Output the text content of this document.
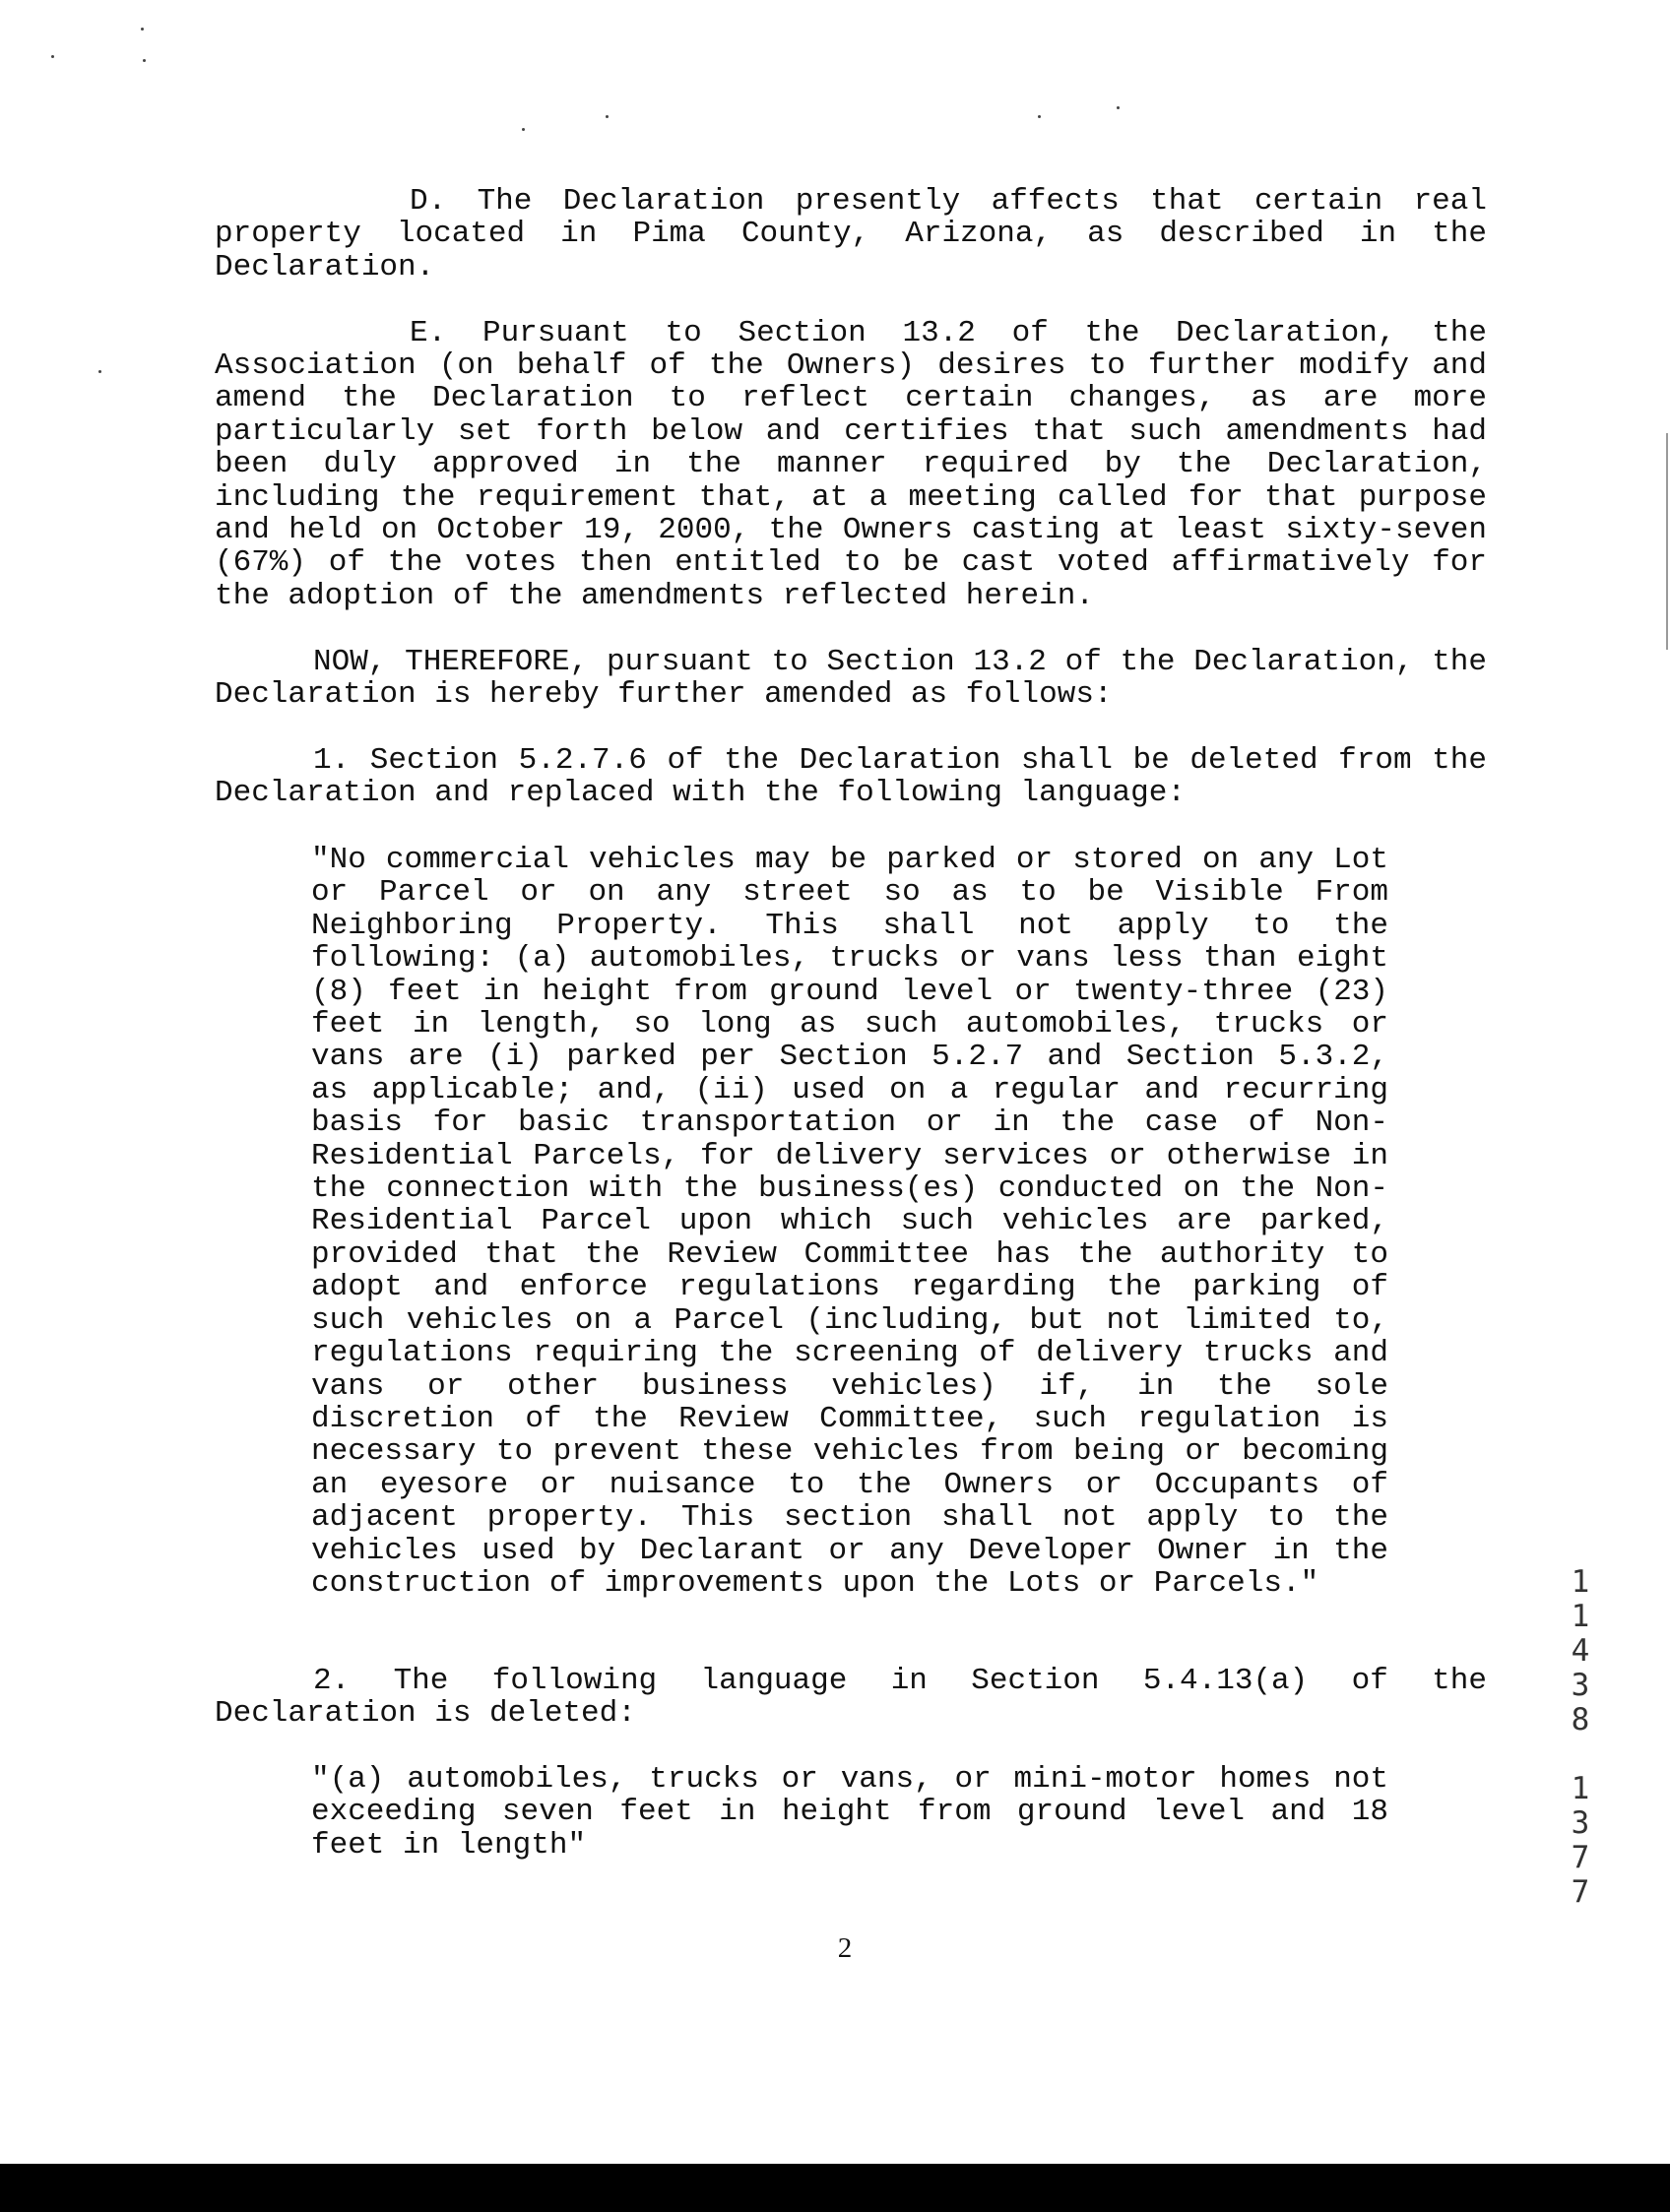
D. The Declaration presently affects that certain real property located in Pima County, Arizona, as described in the Declaration.

E. Pursuant to Section 13.2 of the Declaration, the Association (on behalf of the Owners) desires to further modify and amend the Declaration to reflect certain changes, as are more particularly set forth below and certifies that such amendments had been duly approved in the manner required by the Declaration, including the requirement that, at a meeting called for that purpose and held on October 19, 2000, the Owners casting at least sixty-seven (67%) of the votes then entitled to be cast voted affirmatively for the adoption of the amendments reflected herein.

NOW, THEREFORE, pursuant to Section 13.2 of the Declaration, the Declaration is hereby further amended as follows:

1. Section 5.2.7.6 of the Declaration shall be deleted from the Declaration and replaced with the following language:

"No commercial vehicles may be parked or stored on any Lot or Parcel or on any street so as to be Visible From Neighboring Property. This shall not apply to the following: (a) automobiles, trucks or vans less than eight (8) feet in height from ground level or twenty-three (23) feet in length, so long as such automobiles, trucks or vans are (i) parked per Section 5.2.7 and Section 5.3.2, as applicable; and, (ii) used on a regular and recurring basis for basic transportation or in the case of Non-Residential Parcels, for delivery services or otherwise in the connection with the business(es) conducted on the Non-Residential Parcel upon which such vehicles are parked, provided that the Review Committee has the authority to adopt and enforce regulations regarding the parking of such vehicles on a Parcel (including, but not limited to, regulations requiring the screening of delivery trucks and vans or other business vehicles) if, in the sole discretion of the Review Committee, such regulation is necessary to prevent these vehicles from being or becoming an eyesore or nuisance to the Owners or Occupants of adjacent property. This section shall not apply to the vehicles used by Declarant or any Developer Owner in the construction of improvements upon the Lots or Parcels."

2. The following language in Section 5.4.13(a) of the Declaration is deleted:

"(a) automobiles, trucks or vans, or mini-motor homes not exceeding seven feet in height from ground level and 18 feet in length"
2
1
1
4
3
8
1
3
7
7
